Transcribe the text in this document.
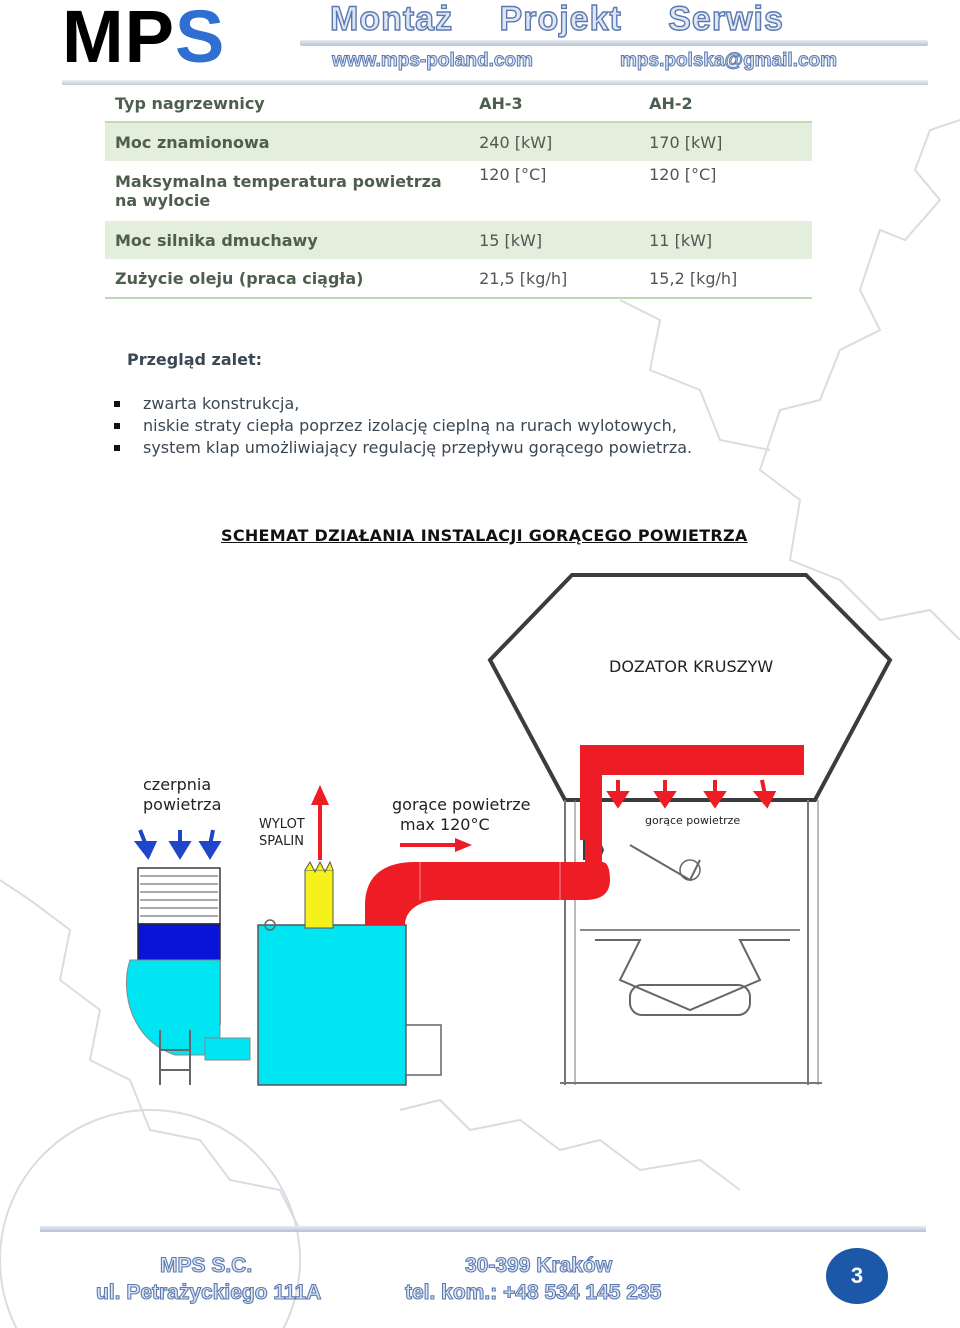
MPS	Montaż Projekt Serwis
www.mps-poland.com	mps.polska@gmail.com
Typ nagrzewnicy	AH-3	AH-2
Moc znamionowa	240 [kW]	170 [kW]
Maksymalna temperatura powietrza na wylocie	120 [°C]	120 [°C]
Moc silnika dmuchawy	15 [kW]	11 [kW]
Zużycie oleju (praca ciągła)	21,5 [kg/h]	15,2 [kg/h]
Przegląd zalet:
zwarta konstrukcja,
niskie straty ciepła poprzez izolację cieplną na rurach wylotowych,
system klap umożliwiający regulację przepływu gorącego powietrza.
SCHEMAT DZIAŁANIA INSTALACJI GORĄCEGO POWIETRZA
DOZATOR KRUSZYW
czerpnia
powietrza
WYLOT
SPALIN
gorące powietrze
max 120°C	gorące powietrze
MPS S.C.
ul. Petrażyckiego 111A
30-399 Kraków
tel. kom.: +48 534 145 235
3
